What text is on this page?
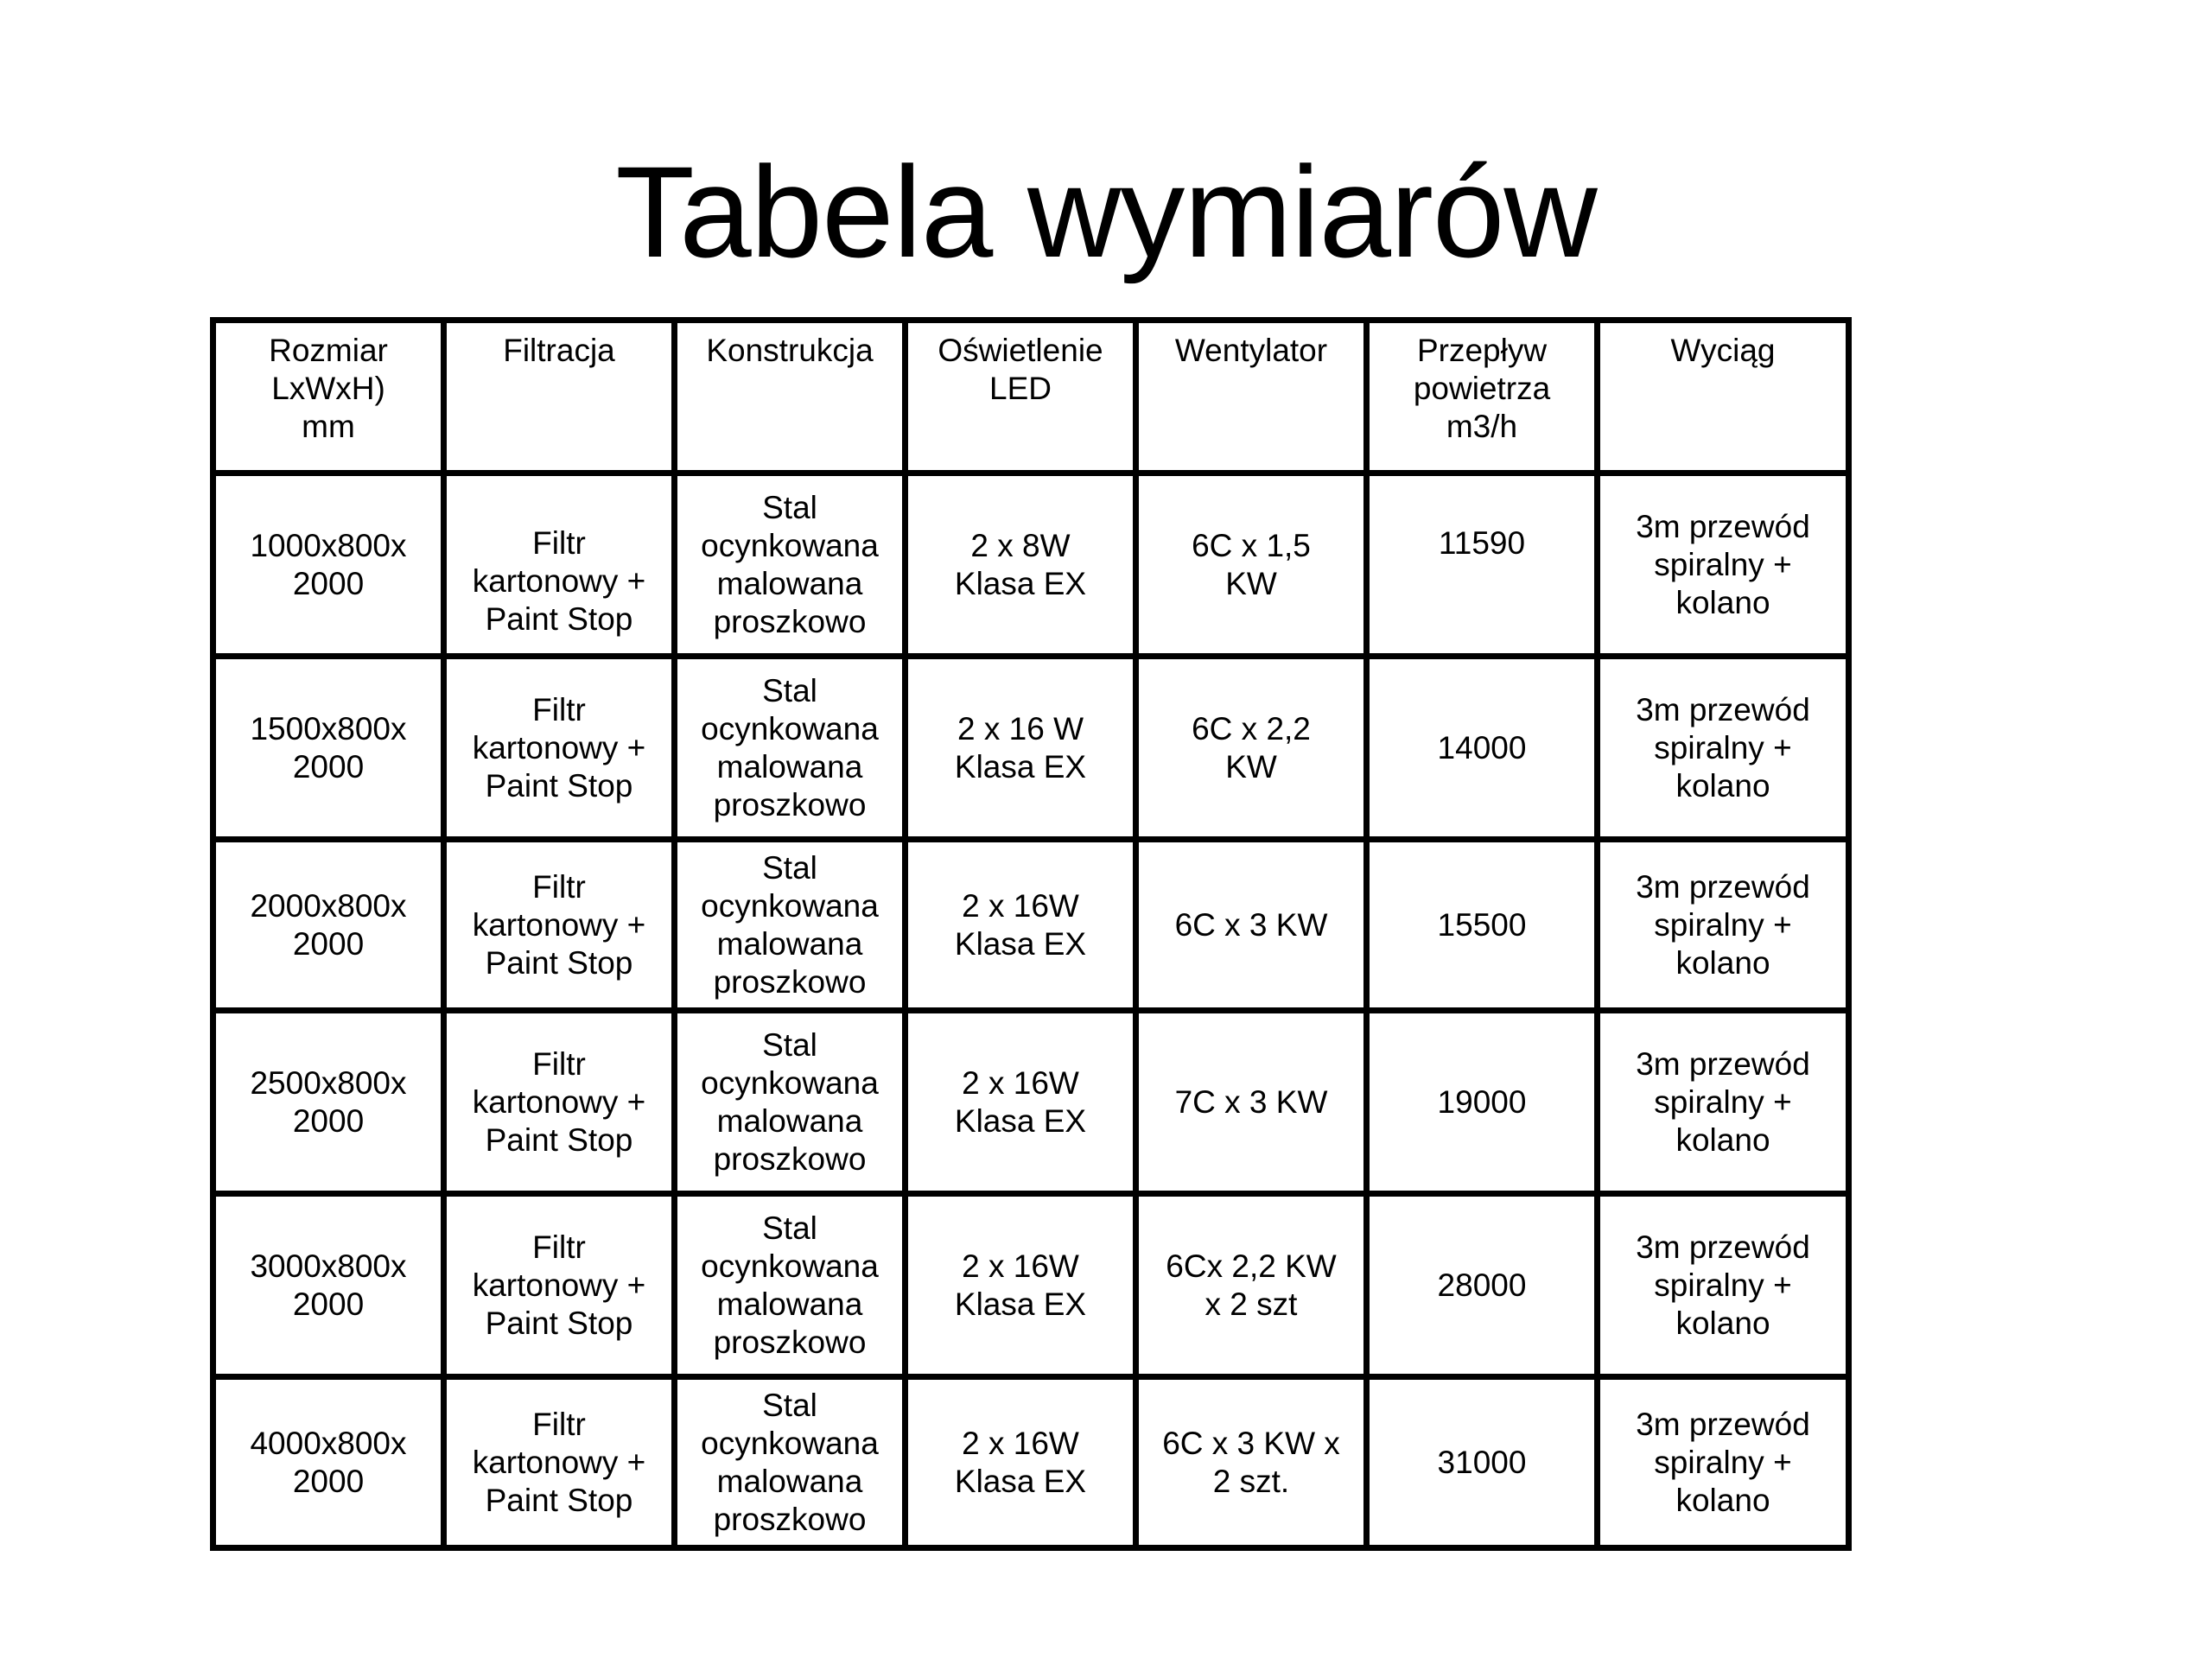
Tabela wymiarów
Rozmiar
LxWxH)
mm	Filtracja	Konstrukcja	Oświetlenie
LED	Wentylator	Przepływ
powietrza
m3/h	Wyciąg
1000x800x
2000	Filtr
kartonowy +
Paint Stop	Stal
ocynkowana
malowana
proszkowo	2 x 8W
Klasa EX	6C x 1,5
KW	11590	3m przewód
spiralny +
kolano
1500x800x
2000	Filtr
kartonowy +
Paint Stop	Stal
ocynkowana
malowana
proszkowo	2 x 16 W
Klasa EX	6C x 2,2
KW	14000	3m przewód
spiralny +
kolano
2000x800x
2000	Filtr
kartonowy +
Paint Stop	Stal
ocynkowana
malowana
proszkowo	2 x 16W
Klasa EX	6C x 3 KW	15500	3m przewód
spiralny +
kolano
2500x800x
2000	Filtr
kartonowy +
Paint Stop	Stal
ocynkowana
malowana
proszkowo	2 x 16W
Klasa EX	7C x 3 KW	19000	3m przewód
spiralny +
kolano
3000x800x
2000	Filtr
kartonowy +
Paint Stop	Stal
ocynkowana
malowana
proszkowo	2 x 16W
Klasa EX	6Cx 2,2 KW
x 2 szt	28000	3m przewód
spiralny +
kolano
4000x800x
2000	Filtr
kartonowy +
Paint Stop	Stal
ocynkowana
malowana
proszkowo	2 x 16W
Klasa EX	6C x 3 KW x
2 szt.	31000	3m przewód
spiralny +
kolano
